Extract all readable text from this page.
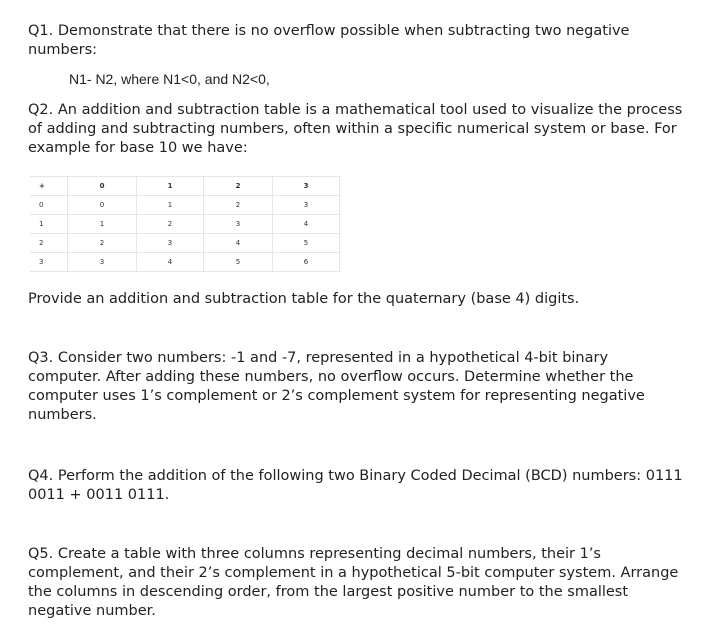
Q1. Demonstrate that there is no overflow possible when subtracting two negative numbers:

N1- N2, where N1<0, and N2<0,

Q2. An addition and subtraction table is a mathematical tool used to visualize the process of adding and subtracting numbers, often within a specific numerical system or base. For example for base 10 we have:

+	0	1	2	3
0	0	1	2	3
1	1	2	3	4
2	2	3	4	5
3	3	4	5	6

Provide an addition and subtraction table for the quaternary (base 4) digits.

Q3. Consider two numbers: -1 and -7, represented in a hypothetical 4-bit binary computer. After adding these numbers, no overflow occurs. Determine whether the computer uses 1’s complement or 2’s complement system for representing negative numbers.

Q4. Perform the addition of the following two Binary Coded Decimal (BCD) numbers: 0111 0011 + 0011 0111.

Q5. Create a table with three columns representing decimal numbers, their 1’s complement, and their 2’s complement in a hypothetical 5-bit computer system. Arrange the columns in descending order, from the largest positive number to the smallest negative number.
